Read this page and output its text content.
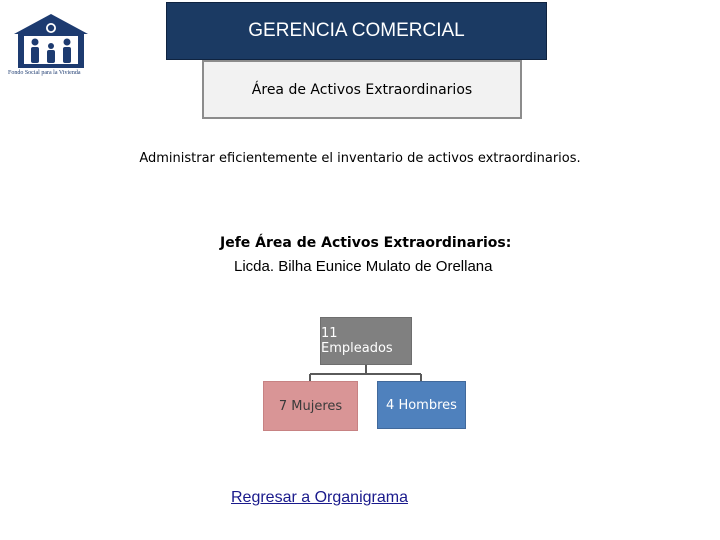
Fondo Social para la Vivienda
GERENCIA COMERCIAL
Área de Activos Extraordinarios
Administrar eficientemente el inventario de activos extraordinarios.
Jefe Área de Activos Extraordinarios:
Licda. Bilha Eunice Mulato de Orellana
11 Empleados
7 Mujeres	4 Hombres
Regresar a Organigrama
